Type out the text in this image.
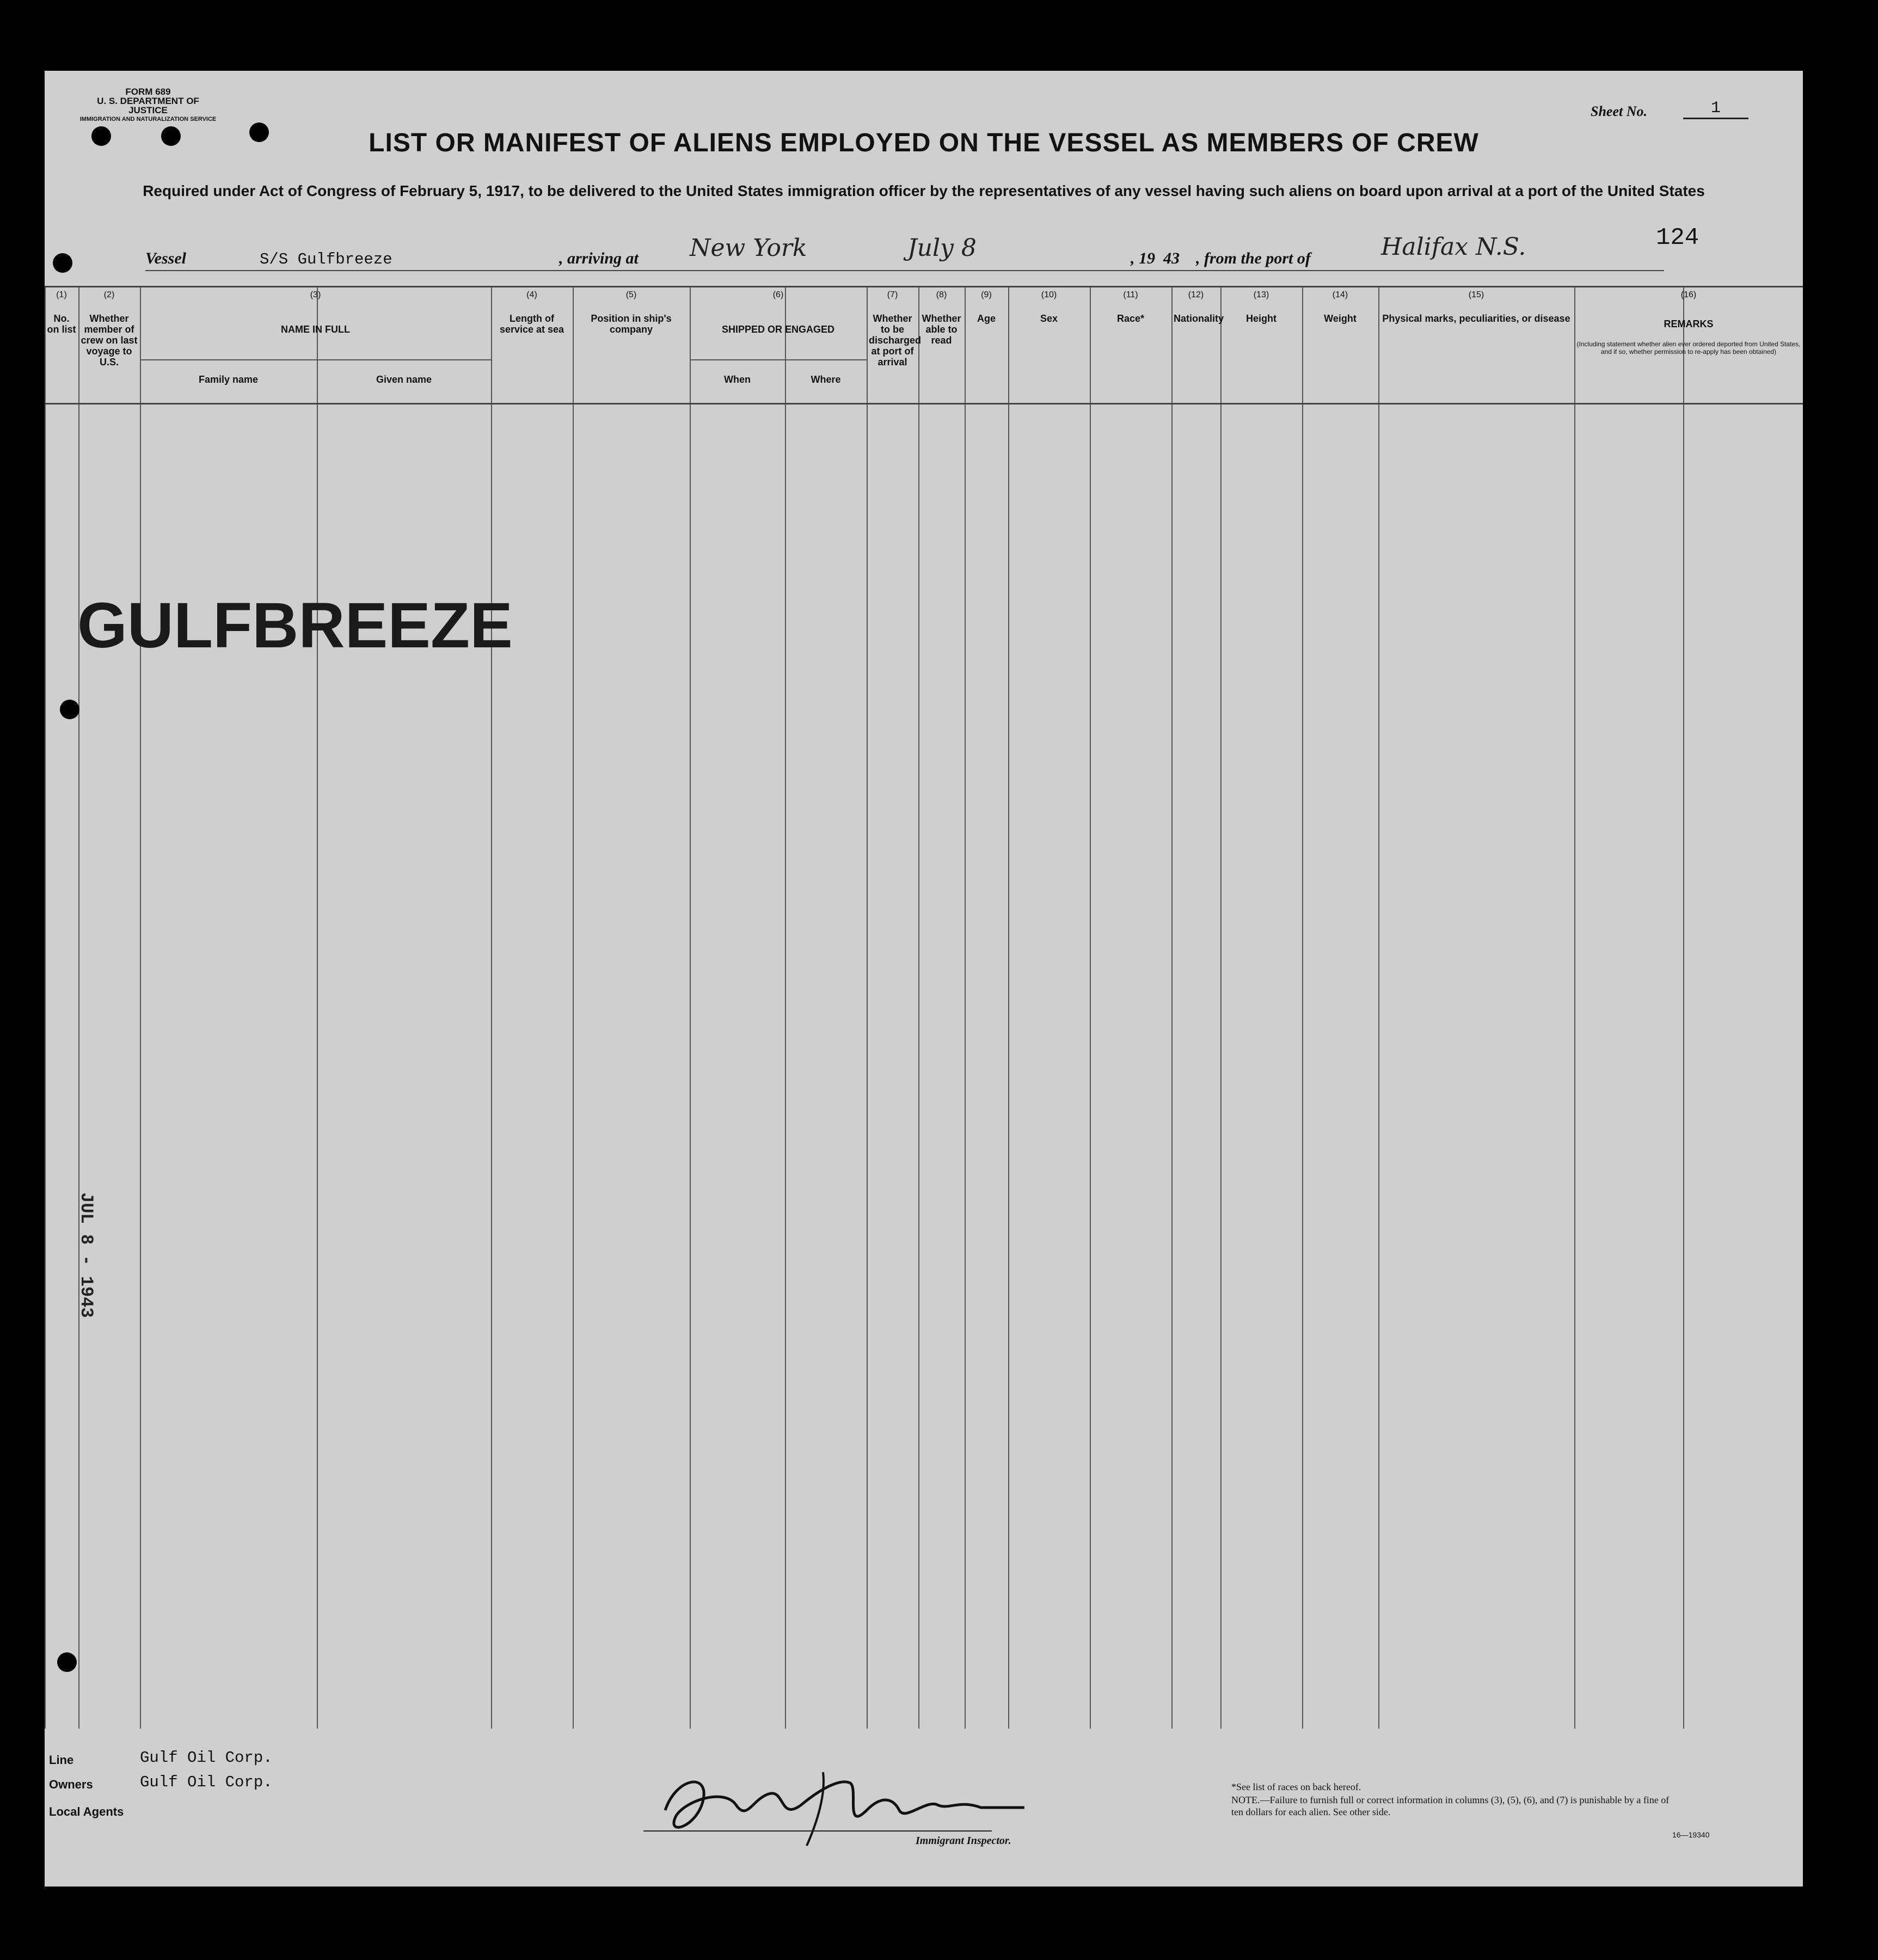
FORM 689
U. S. DEPARTMENT OF JUSTICE
IMMIGRATION AND NATURALIZATION SERVICE	Sheet No.	1
LIST OR MANIFEST OF ALIENS EMPLOYED ON THE VESSEL AS MEMBERS OF CREW
Required under Act of Congress of February 5, 1917, to be delivered to the United States immigration officer by the representatives of any vessel having such aliens on board upon arrival at a port of the United States
124
Vessel	S/S Gulfbreeze	, arriving at New York	July 8	, 19 43 , from the port of	Halifax N.S.
(1)
No. on list
(2)
Whether member of crew on last voyage to U.S.
(3)
NAME IN FULL
Family name	Given name
(4)
Length of service at sea
(5)
Position in ship's company
(6)
SHIPPED OR ENGAGED
When	Where
(7)
Whether to be discharged at port of arrival
(8)
Whether able to read
(9)
Age
(10)
Sex
(11)
Race*
(12)
Nationality
(13)
Height
(14)
Weight
(15)
Physical marks, peculiarities, or disease
(16)
REMARKS
(Including statement whether alien ever ordered deported from United States, and if so, whether permission to re-apply has been obtained)
GULFBREEZE
JUL 8 - 1943
Line	Gulf Oil Corp.
Owners	Gulf Oil Corp.
Local Agents
Immigrant Inspector.
*See list of races on back hereof.
NOTE.—Failure to furnish full or correct information in columns (3), (5), (6), and (7) is punishable by a fine of ten dollars for each alien. See other side.
16—19340
